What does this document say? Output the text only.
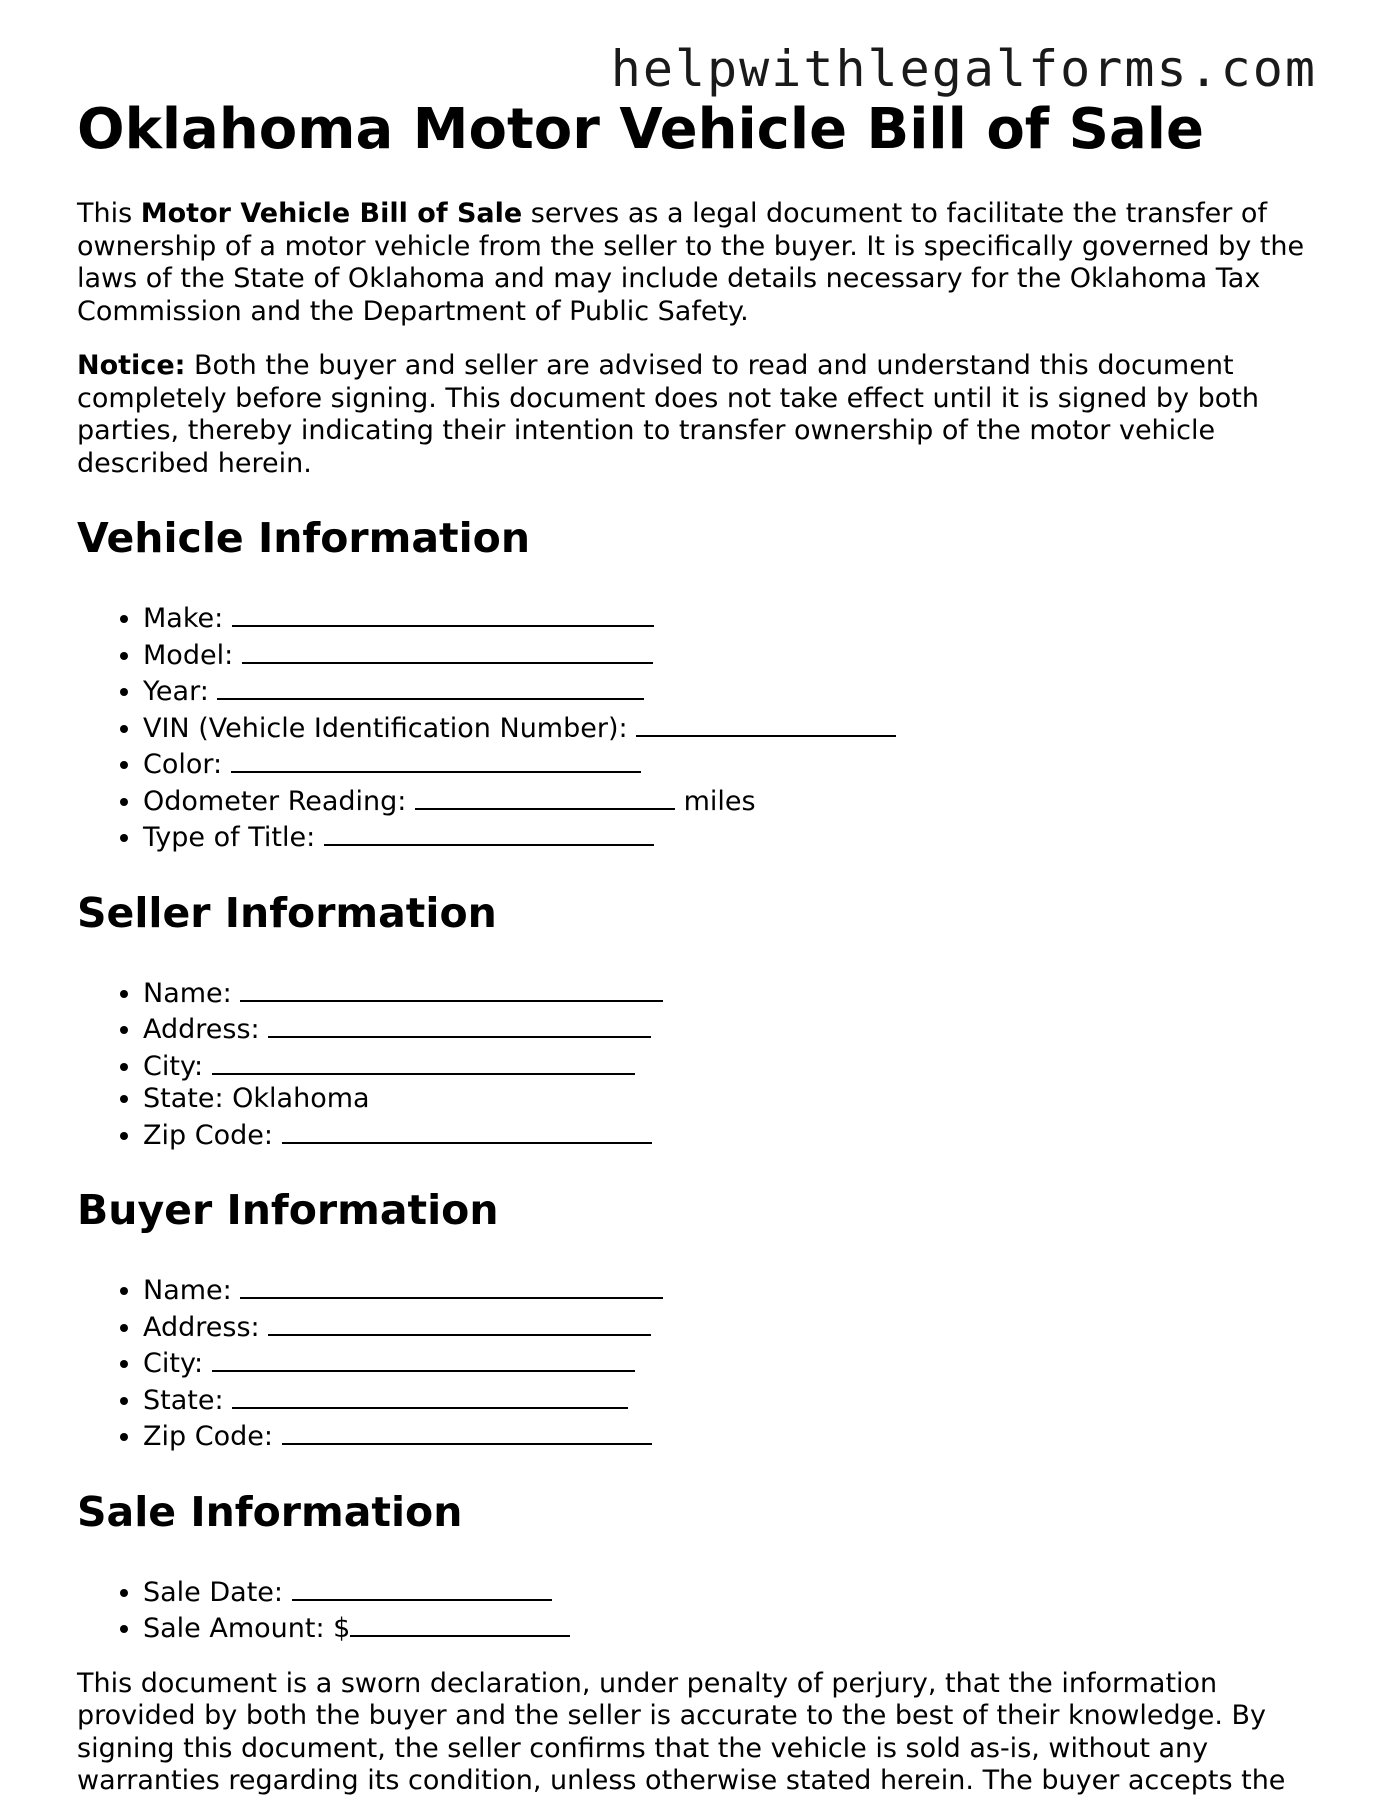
helpwithlegalforms.com
Oklahoma Motor Vehicle Bill of Sale

This Motor Vehicle Bill of Sale serves as a legal document to facilitate the transfer of ownership of a motor vehicle from the seller to the buyer. It is specifically governed by the laws of the State of Oklahoma and may include details necessary for the Oklahoma Tax Commission and the Department of Public Safety.

Notice: Both the buyer and seller are advised to read and understand this document completely before signing. This document does not take effect until it is signed by both parties, thereby indicating their intention to transfer ownership of the motor vehicle described herein.

Vehicle Information
• Make:
• Model:
• Year:
• VIN (Vehicle Identification Number):
• Color:
• Odometer Reading:	miles
• Type of Title:
Seller Information
• Name:
• Address:
• City:
• State: Oklahoma
• Zip Code:
Buyer Information
• Name:
• Address:
• City:
• State:
• Zip Code:
Sale Information
• Sale Date:
• Sale Amount: $

This document is a sworn declaration, under penalty of perjury, that the information provided by both the buyer and the seller is accurate to the best of their knowledge. By signing this document, the seller confirms that the vehicle is sold as-is, without any warranties regarding its condition, unless otherwise stated herein. The buyer accepts the
